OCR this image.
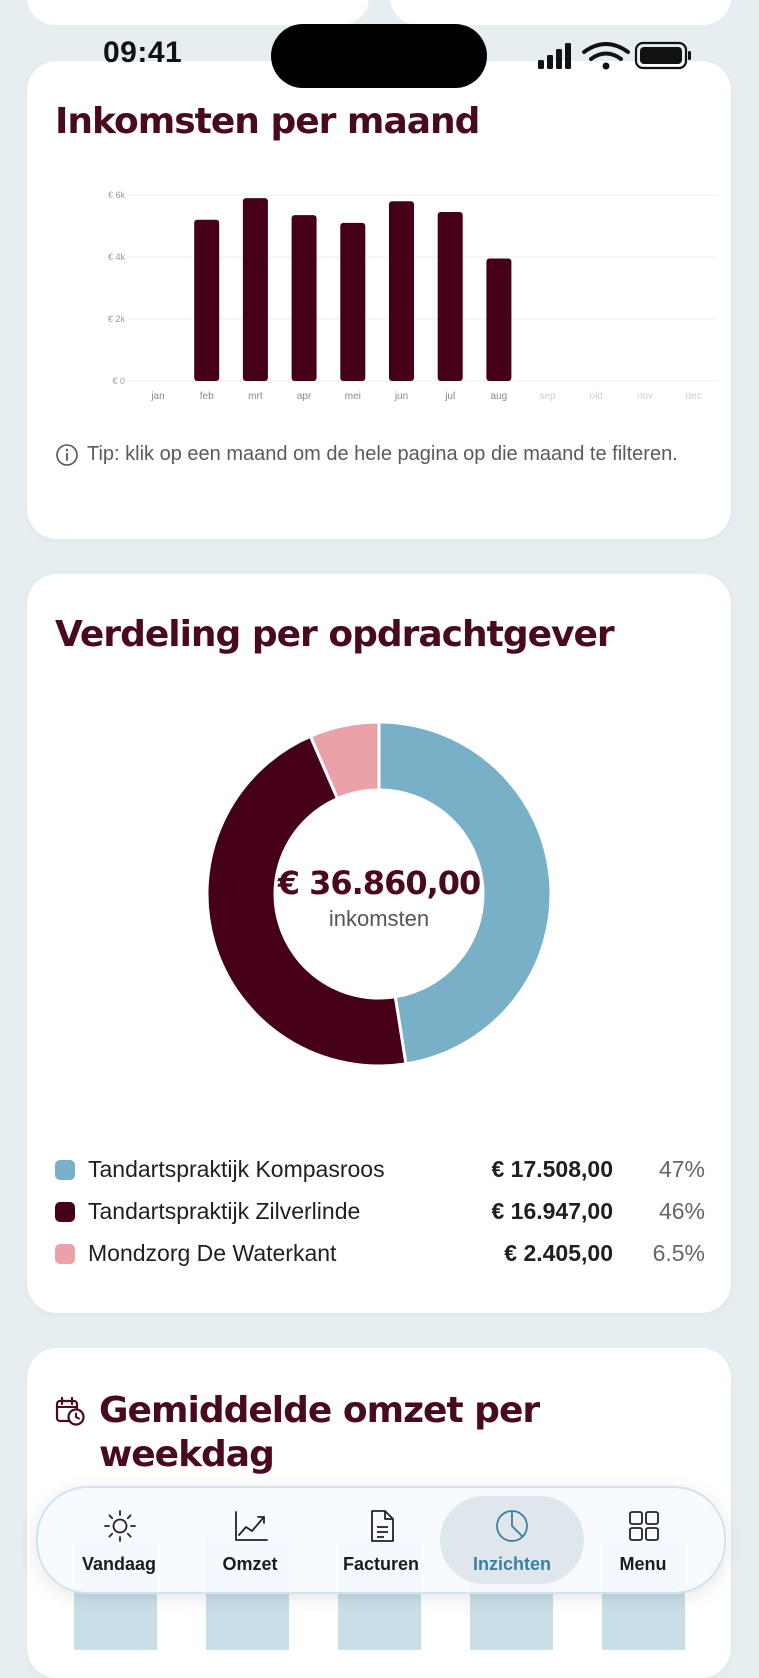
Inkomsten per maand
€ 0
€ 2k
€ 4k
€ 6k
jan	feb	mrt	apr	mei	jun	jul	aug	sep	okt	nov	dec
Tip: klik op een maand om de hele pagina op die maand te filteren.
09:41
Verdeling per opdrachtgever
€ 36.860,00
inkomsten
Tandartspraktijk Kompasroos	€ 17.508,00 47%
Tandartspraktijk Zilverlinde	€ 16.947,00 46%
Mondzorg De Waterkant	€ 2.405,00 6.5%
Gemiddelde omzet per
weekdag
Vandaag	Omzet	Facturen	Inzichten	Menu
